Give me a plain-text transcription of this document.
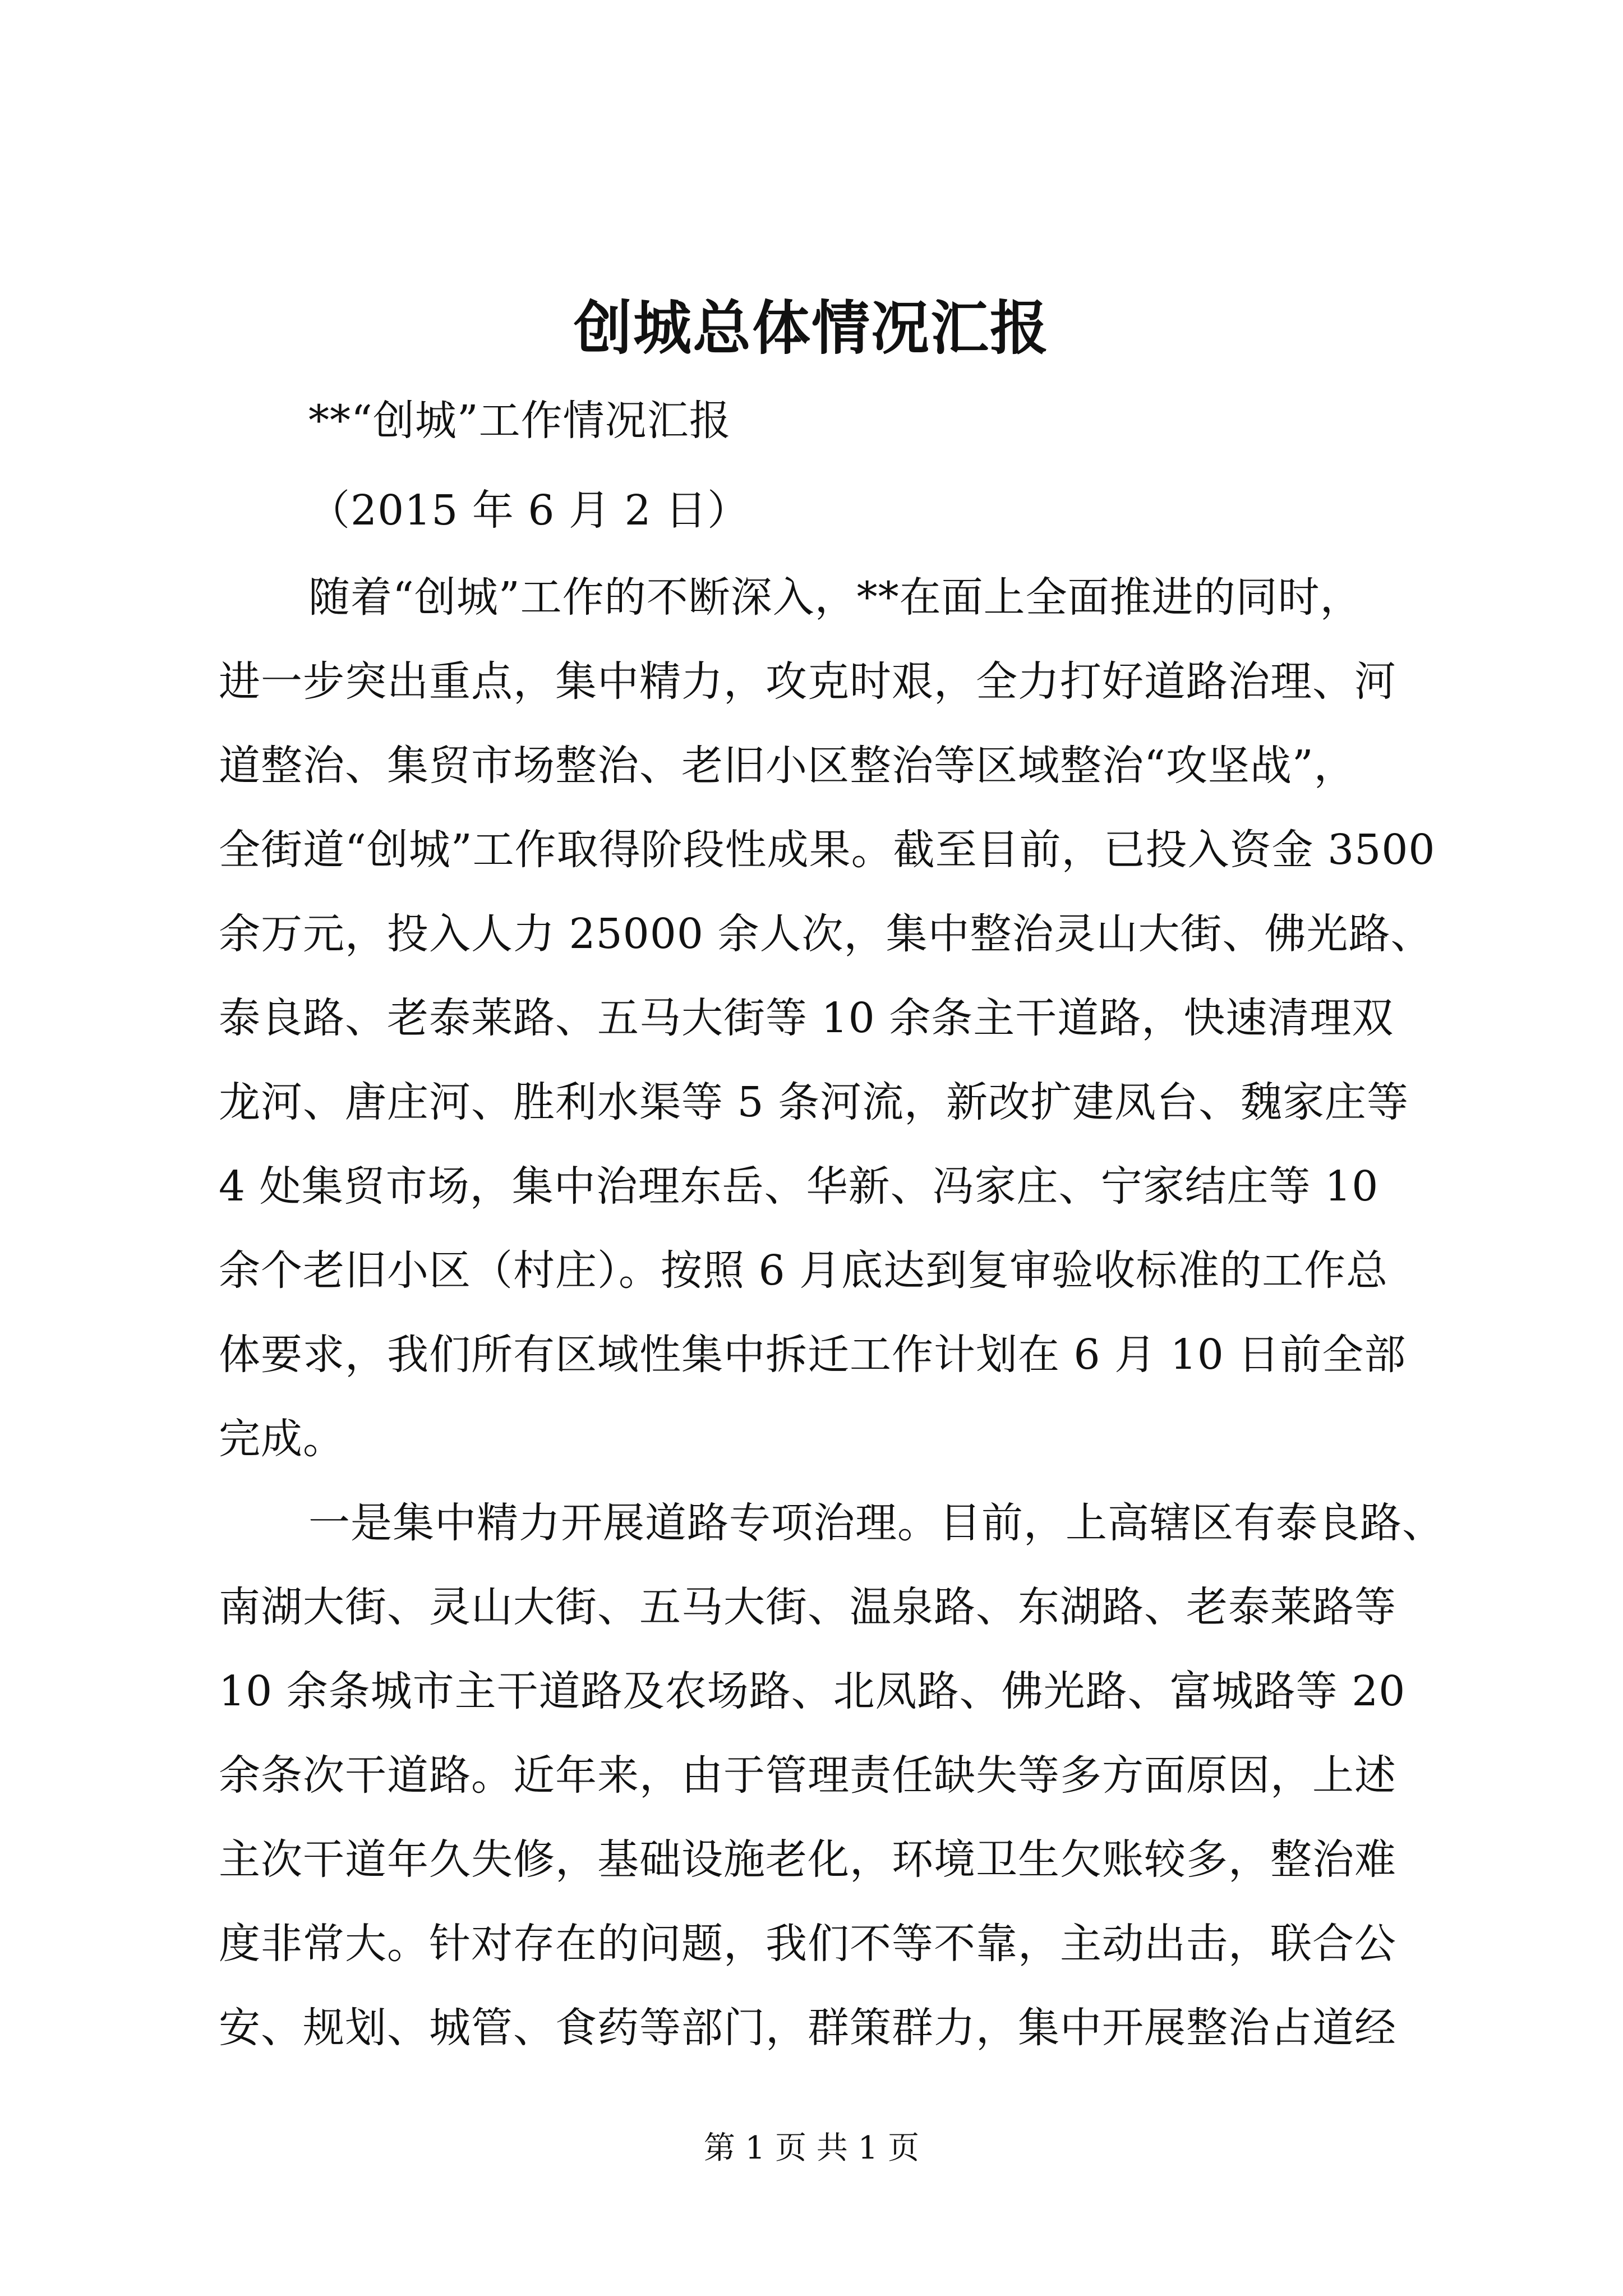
创城总体情况汇报
**“创城”工作情况汇报
（2015 年 6 月 2 日）
随着“创城”工作的不断深入，**在面上全面推进的同时，
进一步突出重点，集中精力，攻克时艰，全力打好道路治理、河
道整治、集贸市场整治、老旧小区整治等区域整治“攻坚战”，
全街道“创城”工作取得阶段性成果。截至目前，已投入资金 3500
余万元，投入人力 25000 余人次，集中整治灵山大街、佛光路、
泰良路、老泰莱路、五马大街等 10 余条主干道路，快速清理双
龙河、唐庄河、胜利水渠等 5 条河流，新改扩建凤台、魏家庄等
4 处集贸市场，集中治理东岳、华新、冯家庄、宁家结庄等 10
余个老旧小区（村庄）。按照 6 月底达到复审验收标准的工作总
体要求，我们所有区域性集中拆迁工作计划在 6 月 10 日前全部
完成。
一是集中精力开展道路专项治理。目前，上高辖区有泰良路、
南湖大街、灵山大街、五马大街、温泉路、东湖路、老泰莱路等
10 余条城市主干道路及农场路、北凤路、佛光路、富城路等 20
余条次干道路。近年来，由于管理责任缺失等多方面原因，上述
主次干道年久失修，基础设施老化，环境卫生欠账较多，整治难
度非常大。针对存在的问题，我们不等不靠，主动出击，联合公
安、规划、城管、食药等部门，群策群力，集中开展整治占道经
第 1 页 共 1 页
